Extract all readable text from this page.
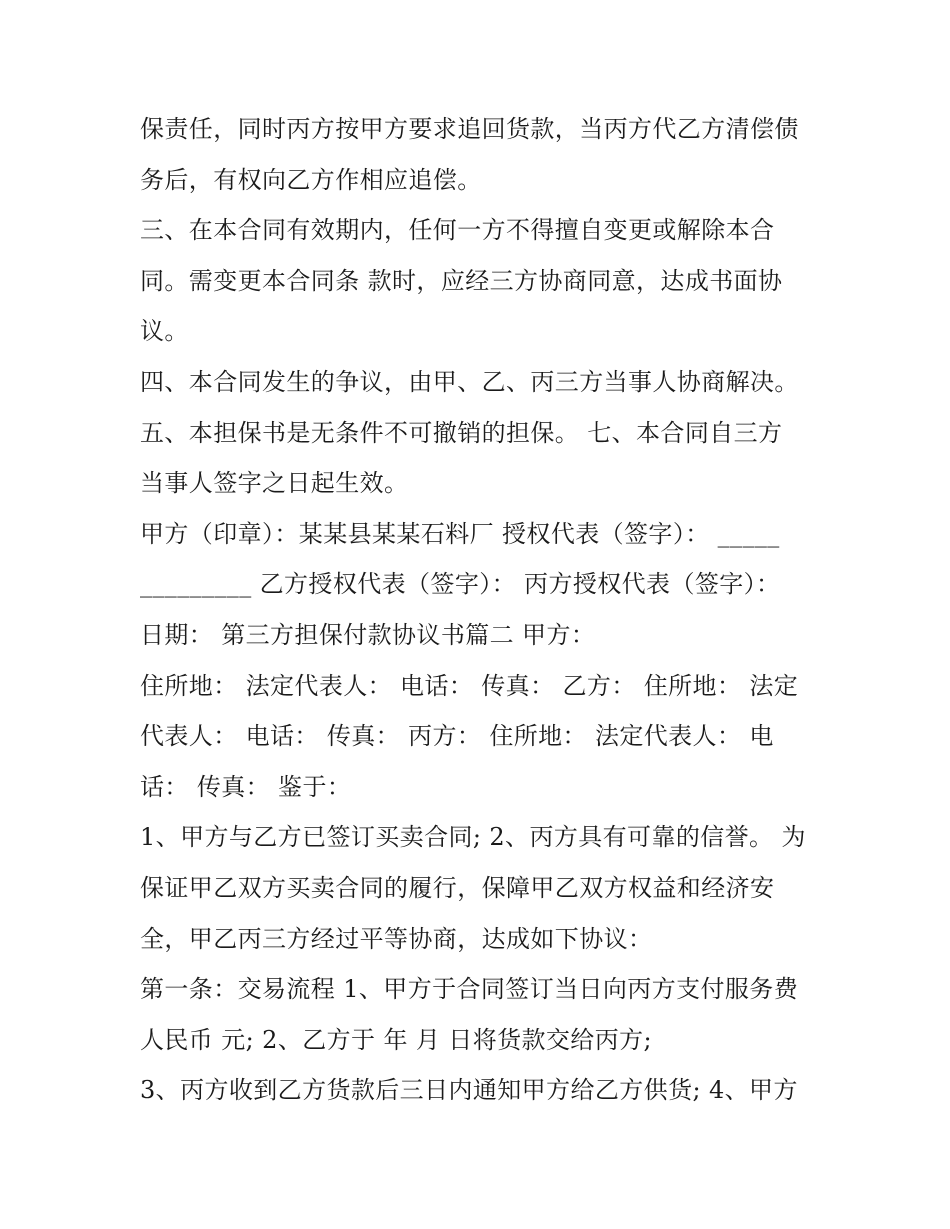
保责任，同时丙方按甲方要求追回货款，当丙方代乙方清偿债
务后，有权向乙方作相应追偿。
三、在本合同有效期内，任何一方不得擅自变更或解除本合
同。需变更本合同条 款时，应经三方协商同意，达成书面协
议。
四、本合同发生的争议，由甲、乙、丙三方当事人协商解决。
五、本担保书是无条件不可撤销的担保。 七、本合同自三方
当事人签字之日起生效。
甲方（印章）：某某县某某石料厂 授权代表（签字）： _____
_________ 乙方授权代表（签字）： 丙方授权代表（签字）：
日期： 第三方担保付款协议书篇二 甲方：
住所地： 法定代表人： 电话： 传真： 乙方： 住所地： 法定
代表人： 电话： 传真： 丙方： 住所地： 法定代表人： 电
话： 传真： 鉴于：
1、甲方与乙方已签订买卖合同; 2、丙方具有可靠的信誉。 为
保证甲乙双方买卖合同的履行，保障甲乙双方权益和经济安
全，甲乙丙三方经过平等协商，达成如下协议：
第一条：交易流程 1、甲方于合同签订当日向丙方支付服务费
人民币 元; 2、乙方于 年 月 日将货款交给丙方;
3、丙方收到乙方货款后三日内通知甲方给乙方供货; 4、甲方
